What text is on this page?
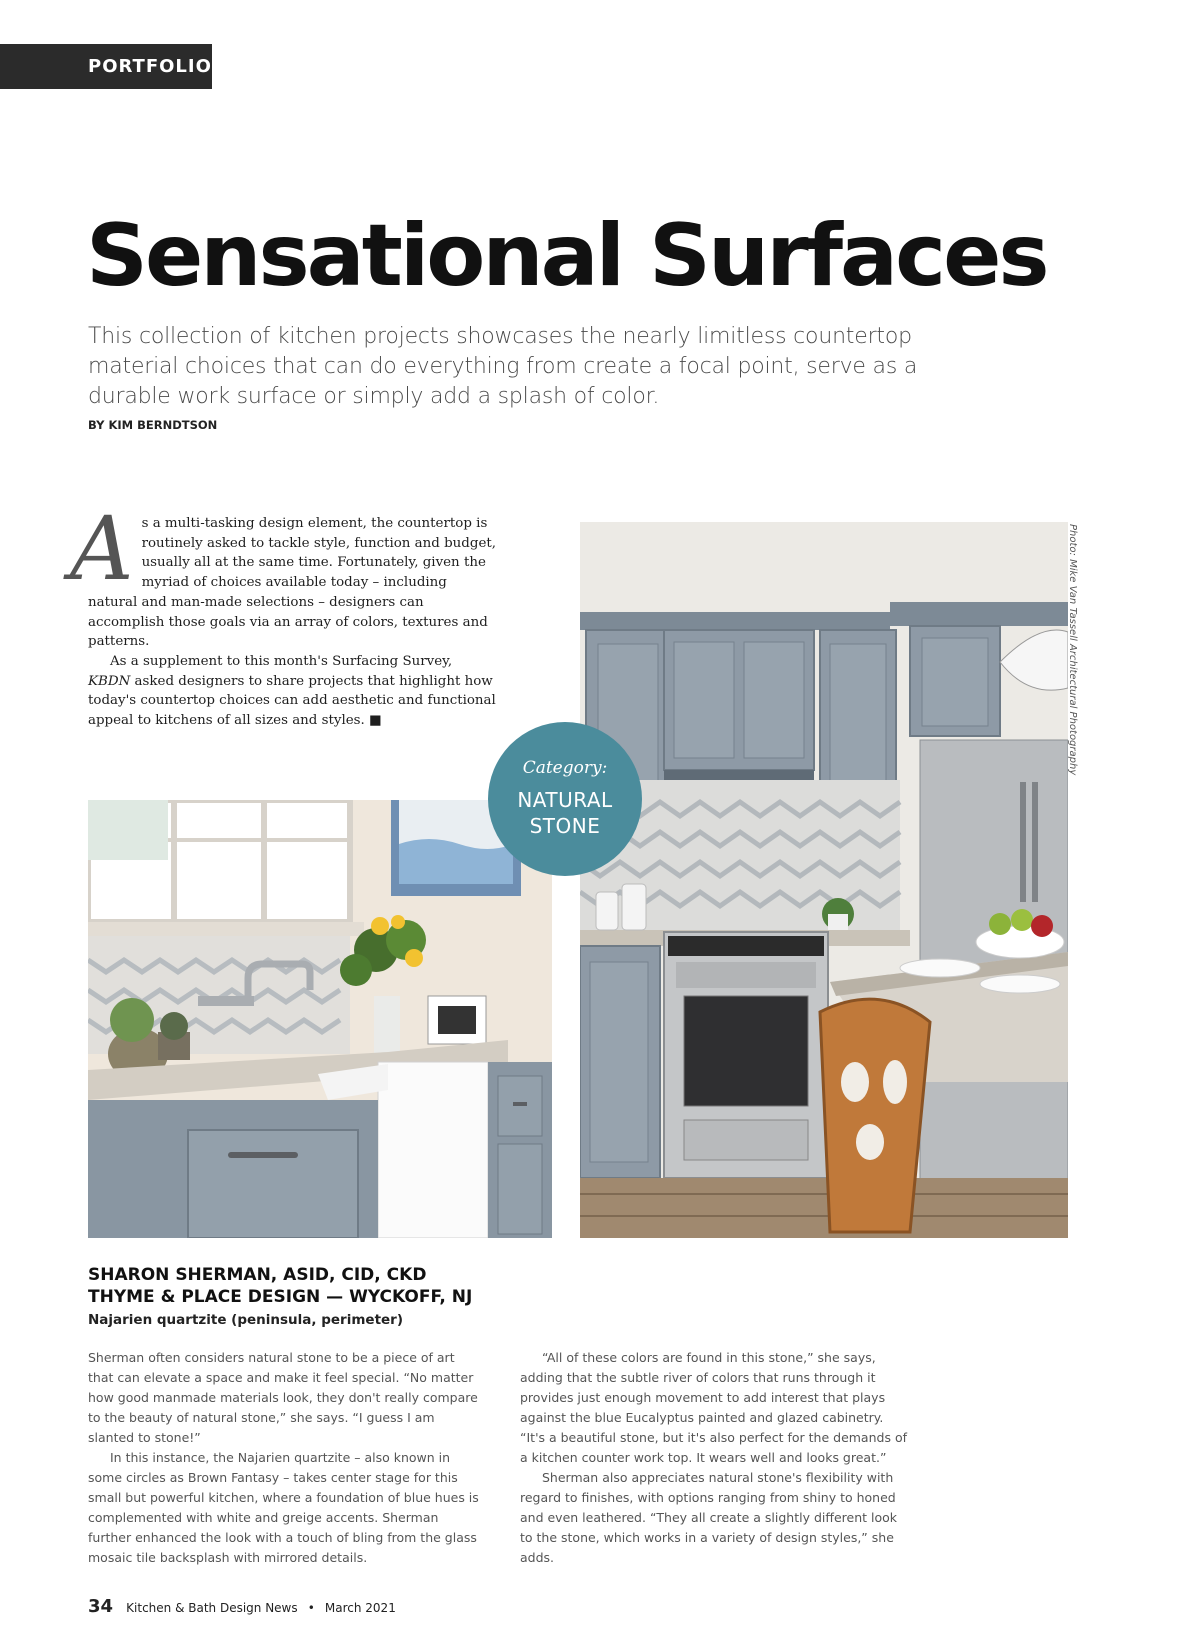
PORTFOLIO
Sensational Surfaces

This collection of kitchen projects showcases the nearly limitless countertop material choices that can do everything from create a focal point, serve as a durable work surface or simply add a splash of color.

BY KIM BERNDTSON

As a multi-tasking design element, the countertop is routinely asked to tackle style, function and budget, usually all at the same time. Fortunately, given the myriad of choices available today – including natural and man-made selections – designers can accomplish those goals via an array of colors, textures and patterns.

As a supplement to this month's Surfacing Survey, KBDN asked designers to share projects that highlight how today's countertop choices can add aesthetic and functional appeal to kitchens of all sizes and styles. ■	Photo: Mike Van Tassell Architectural Photography
Category:
NATURAL
STONE
SHARON SHERMAN, ASID, CID, CKD
THYME & PLACE DESIGN — WYCKOFF, NJ

Najarien quartzite (peninsula, perimeter)

Sherman often considers natural stone to be a piece of art that can elevate a space and make it feel special. “No matter how good manmade materials look, they don't really compare to the beauty of natural stone,” she says. “I guess I am slanted to stone!”

In this instance, the Najarien quartzite – also known in some circles as Brown Fantasy – takes center stage for this small but powerful kitchen, where a foundation of blue hues is complemented with white and greige accents. Sherman further enhanced the look with a touch of bling from the glass mosaic tile backsplash with mirrored details.

“All of these colors are found in this stone,” she says, adding that the subtle river of colors that runs through it provides just enough movement to add interest that plays against the blue Eucalyptus painted and glazed cabinetry. “It's a beautiful stone, but it's also perfect for the demands of a kitchen counter work top. It wears well and looks great.”

Sherman also appreciates natural stone's flexibility with regard to finishes, with options ranging from shiny to honed and even leathered. “They all create a slightly different look to the stone, which works in a variety of design styles,” she adds.

34 Kitchen & Bath Design News • March 2021
